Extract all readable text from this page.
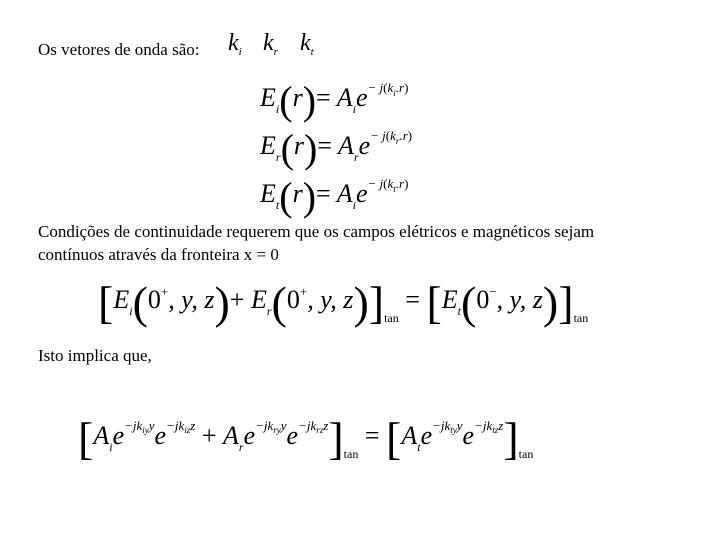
Os vetores de onda são: $k_i$ $k_r$ $k_t$
$E_i(r)= A_ie^{- j(k_i.r)}$
$E_r(r)= A_re^{- j(k_r.r)}$
$E_t(r)= A_ie^{- j(k_t.r)}$
Condições de continuidade requerem que os campos elétricos e magnéticos sejam
contínuos através da fronteira x = 0
[$E_i(0^+$, y, $z)+ E_r(0^+$, y, $z)]_{tan} = [E_t(0^-$, y, $z)]_{tan}$
Isto implica que,
$[A_ie^{-jk_{iy}y}e^{-jk_{iz}z} + A_re^{-jk_{ry}y}e^{-jk_{rz}z}]_{tan} = [A_te^{-jk_{ty}y}e^{-jk_{tz}z}]_{tan}$
